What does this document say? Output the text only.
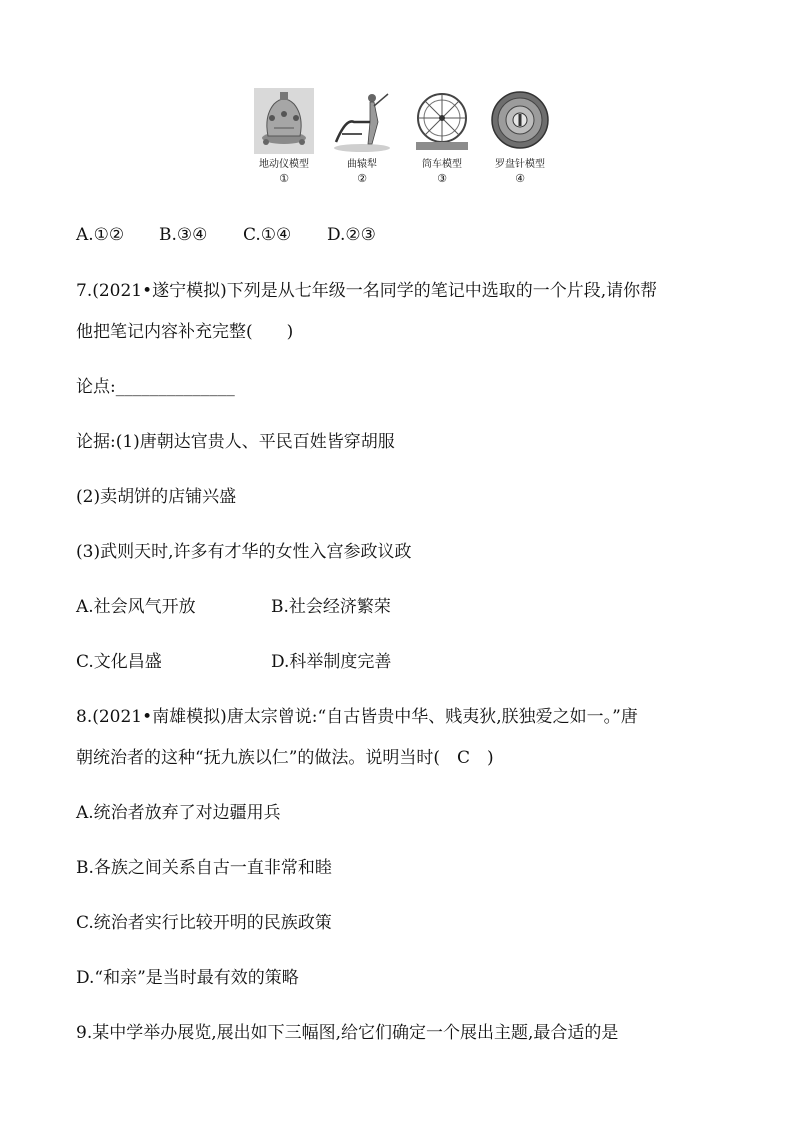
地动仪模型
①
曲辕犁
②
筒车模型
③
罗盘针模型
④
A.①② B.③④ C.①④ D.②③

7.(2021•遂宁模拟)下列是从七年级一名同学的笔记中选取的一个片段,请你帮

他把笔记内容补充完整(　　)

论点:______________

论据:(1)唐朝达官贵人、平民百姓皆穿胡服

(2)卖胡饼的店铺兴盛

(3)武则天时,许多有才华的女性入宫参政议政

A.社会风气开放	B.社会经济繁荣
C.文化昌盛	D.科举制度完善

8.(2021•南雄模拟)唐太宗曾说:“自古皆贵中华、贱夷狄,朕独爱之如一。”唐

朝统治者的这种“抚九族以仁”的做法。说明当时(　C　)

A.统治者放弃了对边疆用兵

B.各族之间关系自古一直非常和睦

C.统治者实行比较开明的民族政策

D.“和亲”是当时最有效的策略

9.某中学举办展览,展出如下三幅图,给它们确定一个展出主题,最合适的是
